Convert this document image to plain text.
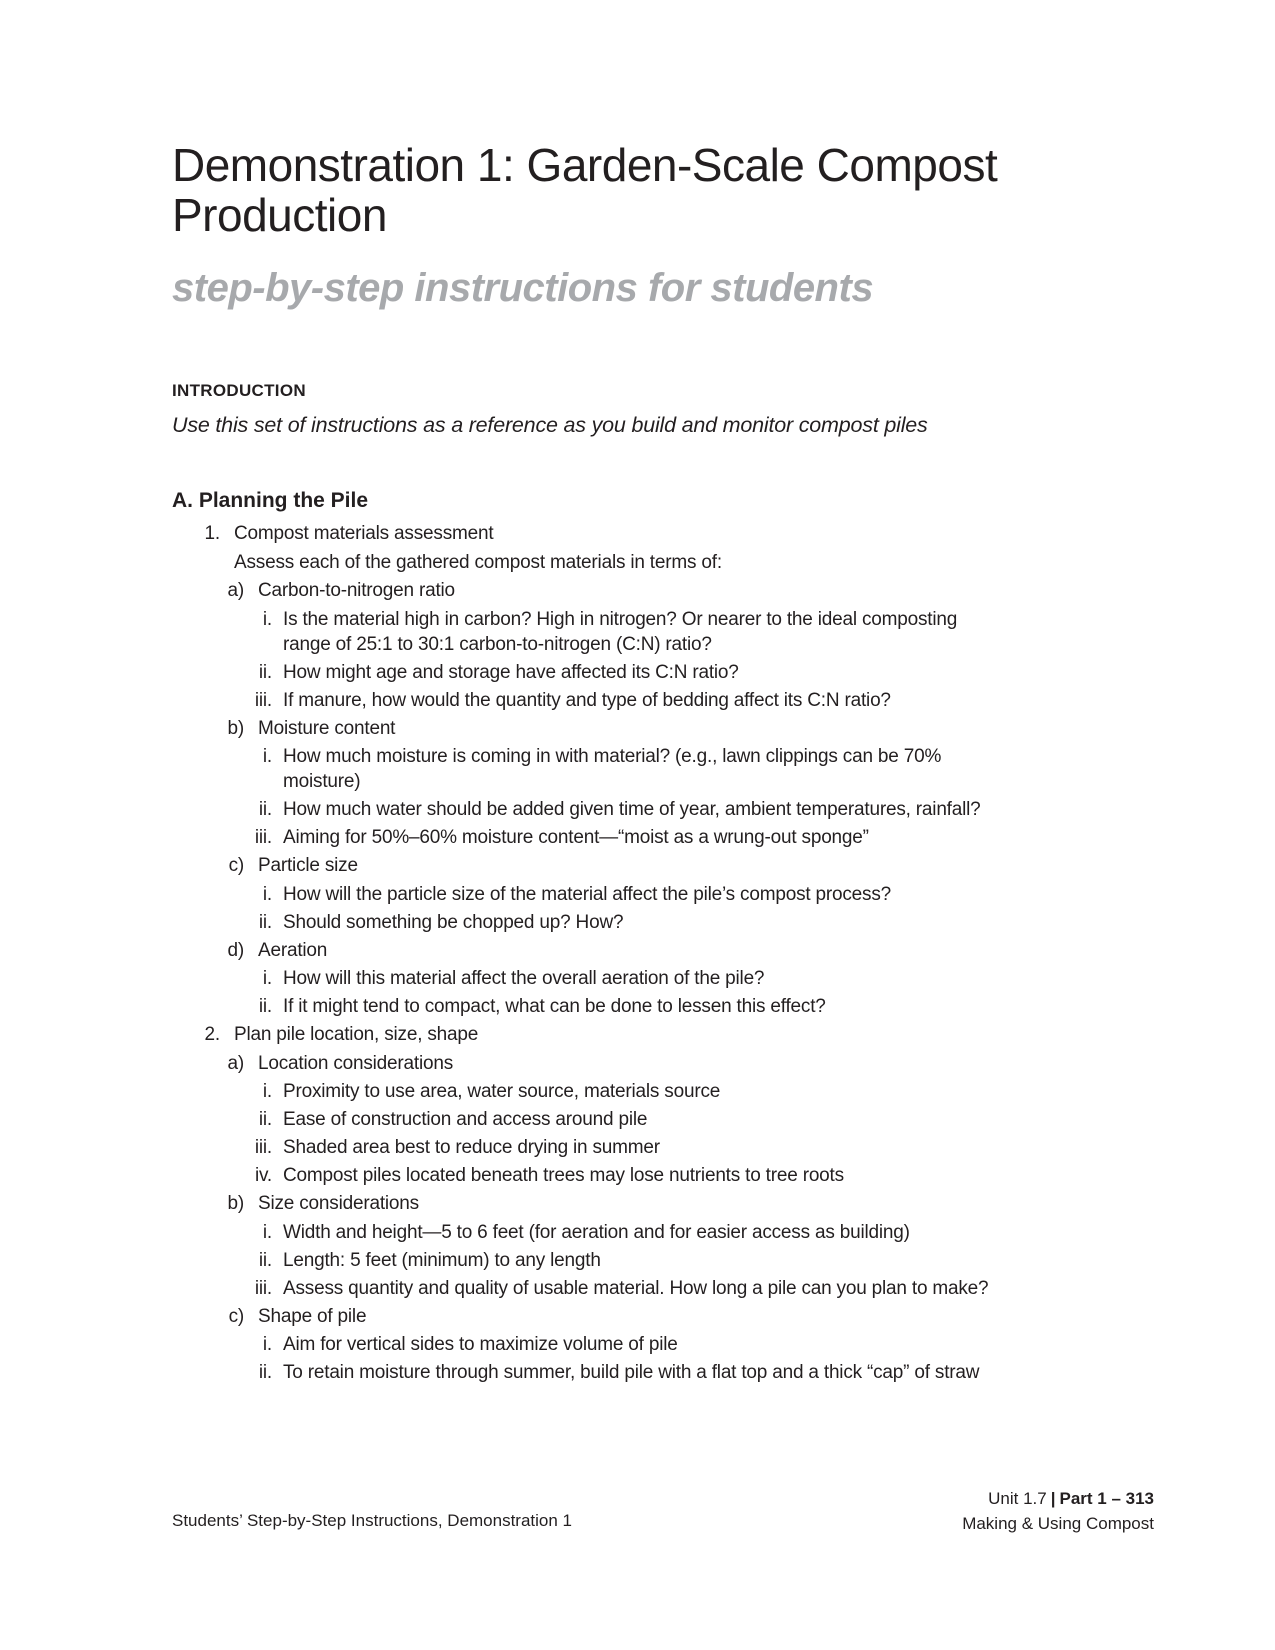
Demonstration 1: Garden-Scale Compost Production
step-by-step instructions for students
INTRODUCTION
Use this set of instructions as a reference as you build and monitor compost piles
A. Planning the Pile
1. Compost materials assessment
Assess each of the gathered compost materials in terms of:
a) Carbon-to-nitrogen ratio
i. Is the material high in carbon? High in nitrogen? Or nearer to the ideal composting range of 25:1 to 30:1 carbon-to-nitrogen (C:N) ratio?
ii. How might age and storage have affected its C:N ratio?
iii. If manure, how would the quantity and type of bedding affect its C:N ratio?
b) Moisture content
i. How much moisture is coming in with material? (e.g., lawn clippings can be 70% moisture)
ii. How much water should be added given time of year, ambient temperatures, rainfall?
iii. Aiming for 50%–60% moisture content—“moist as a wrung-out sponge”
c) Particle size
i. How will the particle size of the material affect the pile’s compost process?
ii. Should something be chopped up? How?
d) Aeration
i. How will this material affect the overall aeration of the pile?
ii. If it might tend to compact, what can be done to lessen this effect?
2. Plan pile location, size, shape
a) Location considerations
i. Proximity to use area, water source, materials source
ii. Ease of construction and access around pile
iii. Shaded area best to reduce drying in summer
iv. Compost piles located beneath trees may lose nutrients to tree roots
b) Size considerations
i. Width and height—5 to 6 feet (for aeration and for easier access as building)
ii. Length: 5 feet (minimum) to any length
iii. Assess quantity and quality of usable material. How long a pile can you plan to make?
c) Shape of pile
i. Aim for vertical sides to maximize volume of pile
ii. To retain moisture through summer, build pile with a flat top and a thick “cap” of straw
Students’ Step-by-Step Instructions, Demonstration 1
Unit 1.7 | Part 1 – 313
Making & Using Compost
